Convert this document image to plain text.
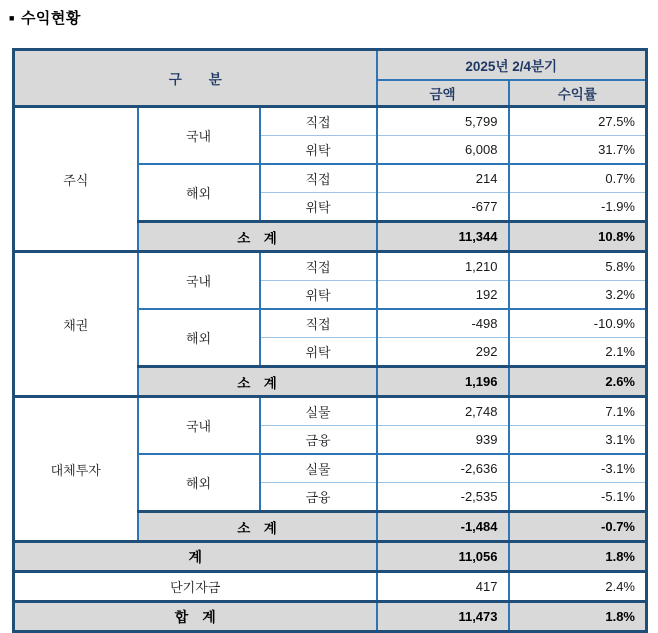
■ 수익현황
구　　분			2025년 2/4분기	
			금액	수익률
주식	국내	직접	5,799	27.5%
		위탁	6,008	31.7%
	해외	직접	214	0.7%
		위탁	-677	-1.9%
	소　계		11,344	10.8%
채권	국내	직접	1,210	5.8%
		위탁	192	3.2%
	해외	직접	-498	-10.9%
		위탁	292	2.1%
	소　계		1,196	2.6%
대체투자	국내	실물	2,748	7.1%
		금융	939	3.1%
	해외	실물	-2,636	-3.1%
		금융	-2,535	-5.1%
	소　계		-1,484	-0.7%
계			11,056	1.8%
단기자금			417	2.4%
합　계			11,473	1.8%
